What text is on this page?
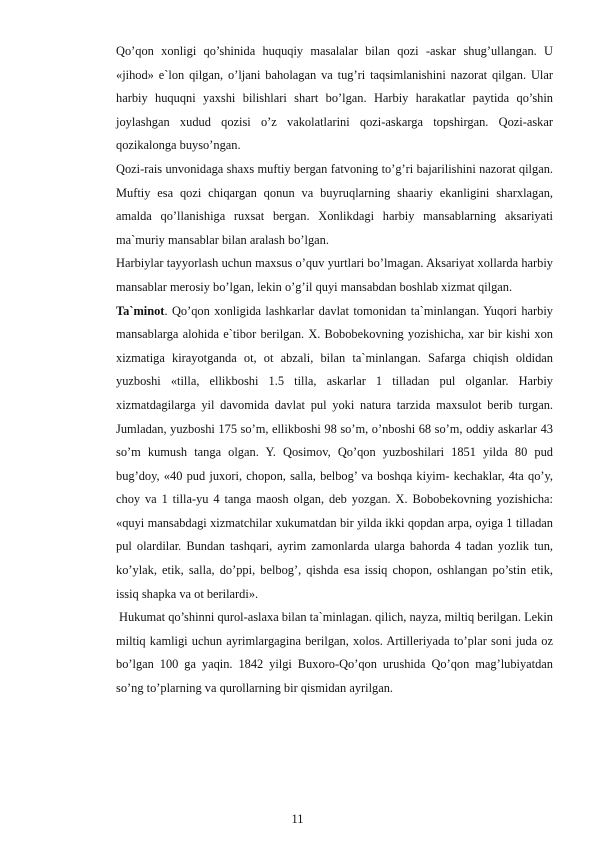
Qo’qon xonligi qo’shinida huquqiy masalalar bilan qozi -askar shug’ullangan. U «jihod» e`lon qilgan, o’ljani baholagan va tug’ri taqsimlanishini nazorat qilgan. Ular harbiy huquqni yaxshi bilishlari shart bo’lgan. Harbiy harakatlar paytida qo’shin joylashgan xudud qozisi o’z vakolatlarini qozi-askarga topshirgan. Qozi-askar qozikalonga buyso’ngan.

Qozi-rais unvonidaga shaxs muftiy bergan fatvoning to’g’ri bajarilishini nazorat qilgan. Muftiy esa qozi chiqargan qonun va buyruqlarning shaariy ekanligini sharxlagan, amalda qo’llanishiga ruxsat bergan. Xonlikdagi harbiy mansablarning aksariyati ma`muriy mansablar bilan aralash bo’lgan.

Harbiylar tayyorlash uchun maxsus o’quv yurtlari bo’lmagan. Aksariyat xollarda harbiy mansablar merosiy bo’lgan, lekin o’g’il quyi mansabdan boshlab xizmat qilgan.

Ta`minot. Qo’qon xonligida lashkarlar davlat tomonidan ta`minlangan. Yuqori harbiy mansablarga alohida e`tibor berilgan. X. Bobobekovning yozishicha, xar bir kishi xon xizmatiga kirayotganda ot, ot abzali, bilan ta`minlangan. Safarga chiqish oldidan yuzboshi «tilla, ellikboshi 1.5 tilla, askarlar 1 tilladan pul olganlar. Harbiy xizmatdagilarga yil davomida davlat pul yoki natura tarzida maxsulot berib turgan. Jumladan, yuzboshi 175 so’m, ellikboshi 98 so’m, o’nboshi 68 so’m, oddiy askarlar 43 so’m kumush tanga olgan. Y. Qosimov, Qo’qon yuzboshilari 1851 yilda 80 pud bug’doy, «40 pud juxori, chopon, salla, belbog’ va boshqa kiyim- kechaklar, 4ta qo’y, choy va 1 tilla-yu 4 tanga maosh olgan, deb yozgan. X. Bobobekovning yozishicha: «quyi mansabdagi xizmatchilar xukumatdan bir yilda ikki qopdan arpa, oyiga 1 tilladan pul olardilar. Bundan tashqari, ayrim zamonlarda ularga bahorda 4 tadan yozlik tun, ko’ylak, etik, salla, do’ppi, belbog’, qishda esa issiq chopon, oshlangan po’stin etik, issiq shapka va ot berilardi».

Hukumat qo’shinni qurol-aslaxa bilan ta`minlagan. qilich, nayza, miltiq berilgan. Lekin miltiq kamligi uchun ayrimlargagina berilgan, xolos. Artilleriyada to’plar soni juda oz bo’lgan 100 ga yaqin. 1842 yilgi Buxoro-Qo’qon urushida Qo’qon mag’lubiyatdan so’ng to’plarning va qurollarning bir qismidan ayrilgan.

11
